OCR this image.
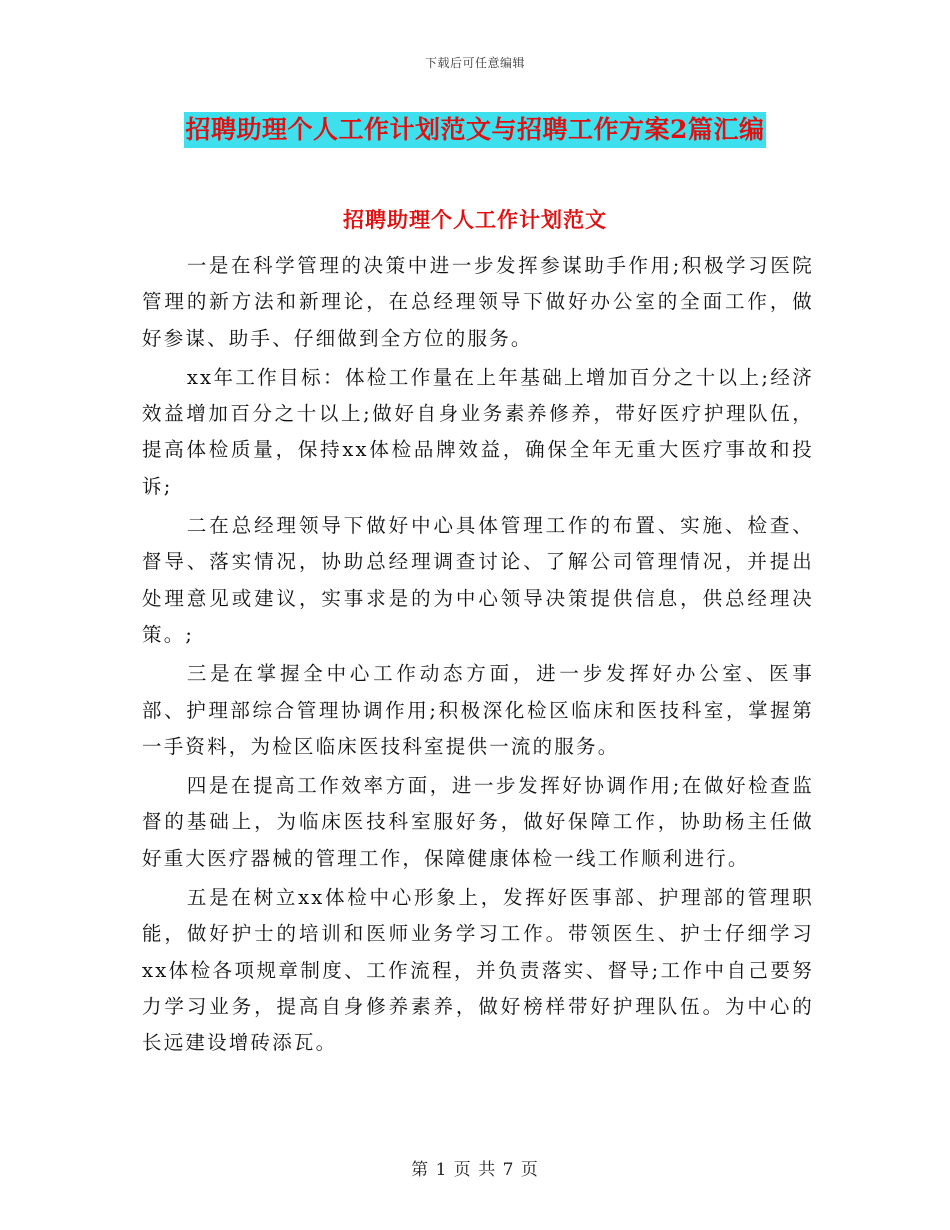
下载后可任意编辑
招聘助理个人工作计划范文与招聘工作方案2篇汇编
招聘助理个人工作计划范文

一是在科学管理的决策中进一步发挥参谋助手作用;积极学习医院管理的新方法和新理论，在总经理领导下做好办公室的全面工作，做好参谋、助手、仔细做到全方位的服务。

xx年工作目标：体检工作量在上年基础上增加百分之十以上;经济效益增加百分之十以上;做好自身业务素养修养，带好医疗护理队伍，提高体检质量，保持xx体检品牌效益，确保全年无重大医疗事故和投诉;

二在总经理领导下做好中心具体管理工作的布置、实施、检查、督导、落实情况，协助总经理调查讨论、了解公司管理情况，并提出处理意见或建议，实事求是的为中心领导决策提供信息，供总经理决策。;

三是在掌握全中心工作动态方面，进一步发挥好办公室、医事部、护理部综合管理协调作用;积极深化检区临床和医技科室，掌握第一手资料，为检区临床医技科室提供一流的服务。

四是在提高工作效率方面，进一步发挥好协调作用;在做好检查监督的基础上，为临床医技科室服好务，做好保障工作，协助杨主任做好重大医疗器械的管理工作，保障健康体检一线工作顺利进行。

五是在树立xx体检中心形象上，发挥好医事部、护理部的管理职能，做好护士的培训和医师业务学习工作。带领医生、护士仔细学习xx体检各项规章制度、工作流程，并负责落实、督导;工作中自己要努力学习业务，提高自身修养素养，做好榜样带好护理队伍。为中心的长远建设增砖添瓦。

第 1 页 共 7 页
